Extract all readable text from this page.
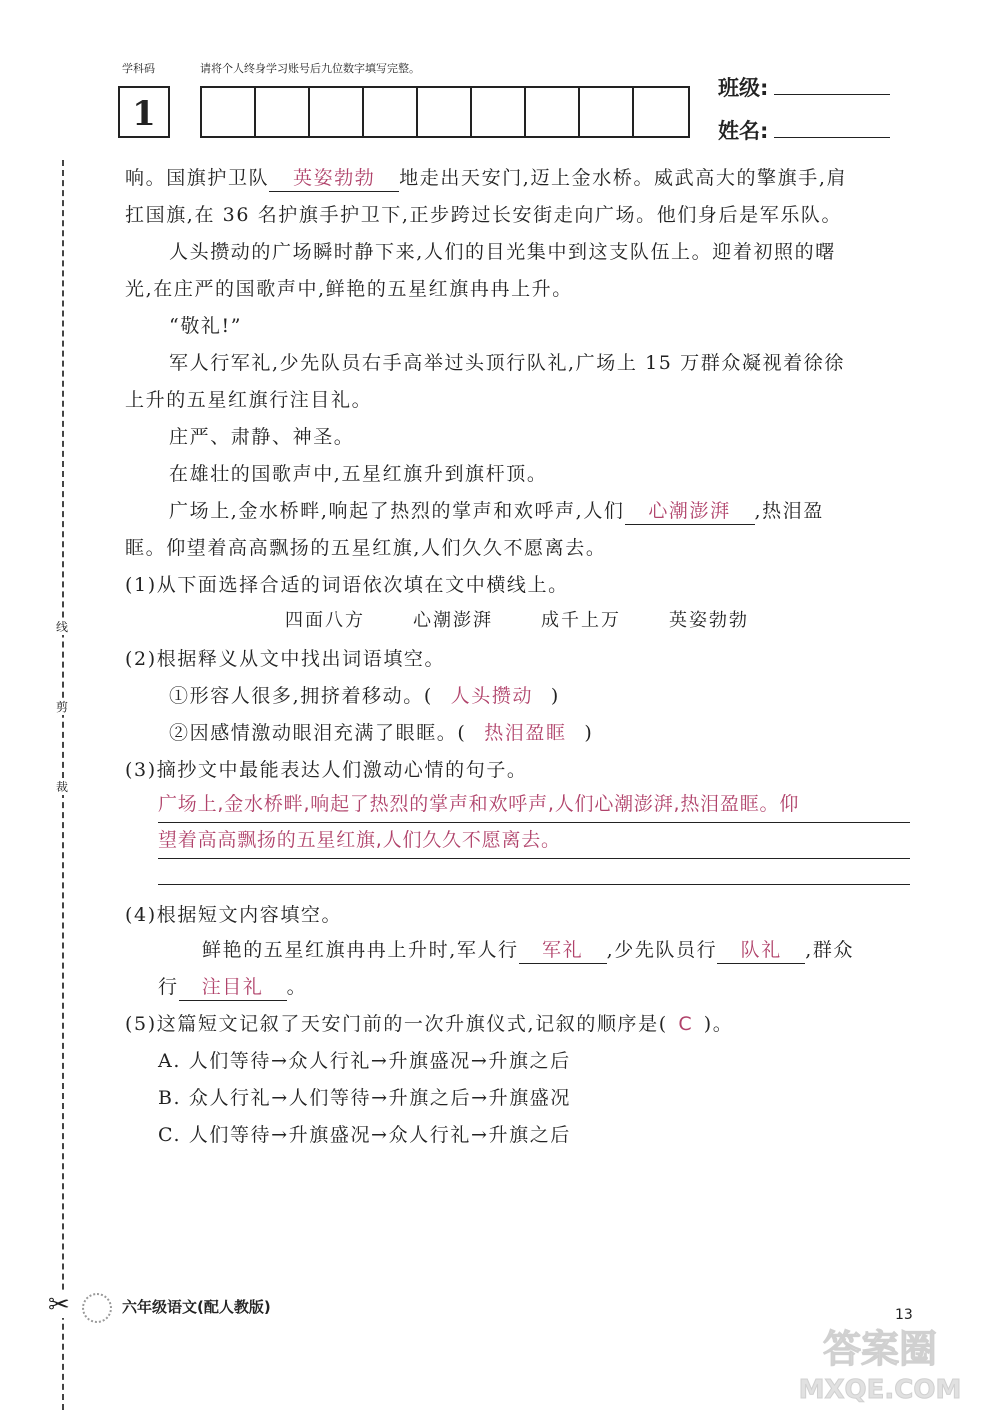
学科码	请将个人终身学习账号后九位数字填写完整。
1
班级:
姓名:
线
剪
裁
✂
响。国旗护卫队 英姿勃勃 地走出天安门,迈上金水桥。威武高大的擎旗手,肩
扛国旗,在 36 名护旗手护卫下,正步跨过长安街走向广场。他们身后是军乐队。
人头攒动的广场瞬时静下来,人们的目光集中到这支队伍上。迎着初照的曙
光,在庄严的国歌声中,鲜艳的五星红旗冉冉上升。
“敬礼!”
军人行军礼,少先队员右手高举过头顶行队礼,广场上 15 万群众凝视着徐徐
上升的五星红旗行注目礼。
庄严、肃静、神圣。
在雄壮的国歌声中,五星红旗升到旗杆顶。
广场上,金水桥畔,响起了热烈的掌声和欢呼声,人们 心潮澎湃 ,热泪盈
眶。仰望着高高飘扬的五星红旗,人们久久不愿离去。
(1)从下面选择合适的词语依次填在文中横线上。
四面八方	心潮澎湃	成千上万	英姿勃勃
(2)根据释义从文中找出词语填空。
①形容人很多,拥挤着移动。( 人头攒动 )
②因感情激动眼泪充满了眼眶。( 热泪盈眶 )
(3)摘抄文中最能表达人们激动心情的句子。
广场上,金水桥畔,响起了热烈的掌声和欢呼声,人们心潮澎湃,热泪盈眶。仰
望着高高飘扬的五星红旗,人们久久不愿离去。
(4)根据短文内容填空。
鲜艳的五星红旗冉冉上升时,军人行 军礼 ,少先队员行 队礼 ,群众
行 注目礼 。
(5)这篇短文记叙了天安门前的一次升旗仪式,记叙的顺序是( C )。
A. 人们等待→众人行礼→升旗盛况→升旗之后
B. 众人行礼→人们等待→升旗之后→升旗盛况
C. 人们等待→升旗盛况→众人行礼→升旗之后
六年级语文(配人教版)	13
答案圈
MXQE.COM
